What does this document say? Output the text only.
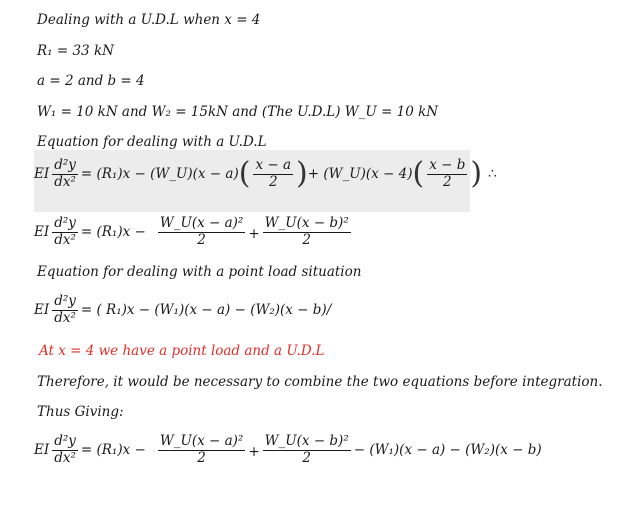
Dealing with a U.D.L when x = 4
R₁ = 33 kN
a = 2 and b = 4
W₁ = 10 kN and W₂ = 15kN and (The U.D.L) W_U = 10 kN
Equation for dealing with a U.D.L
EI $\frac{\text{d²y}}{\text{dx²}} = (R_1)x$ − (W_U)(x − a) ( $\frac{x - a}{2}$ ) + (W_U)(x − 4) ( $\frac{x - b}{2}$ ) ∴
EI $\frac{\text{d²y}}{\text{dx²}} = (R_1)x - \frac{\text{W\_U(x − a)²}}{2} + \frac{\text{W\_U(x − b)²}}{2}$
Equation for dealing with a point load situation
EI $\frac{\text{d²y}}{\text{dx²}}$ = ( R₁)x − (W₁)(x − a) − (W₂)(x − b)/
At x = 4 we have a point load and a U.D.L
Therefore, it would be necessary to combine the two equations before integration.
Thus Giving:
EI $\frac{\text{d²y}}{\text{dx²}} = (R_1)x - \frac{\text{W\_U(x − a)²}}{2} + \frac{\text{W\_U(x − b)²}}{2} - (W_1)(x - a) - (W_2)(x - b)$
